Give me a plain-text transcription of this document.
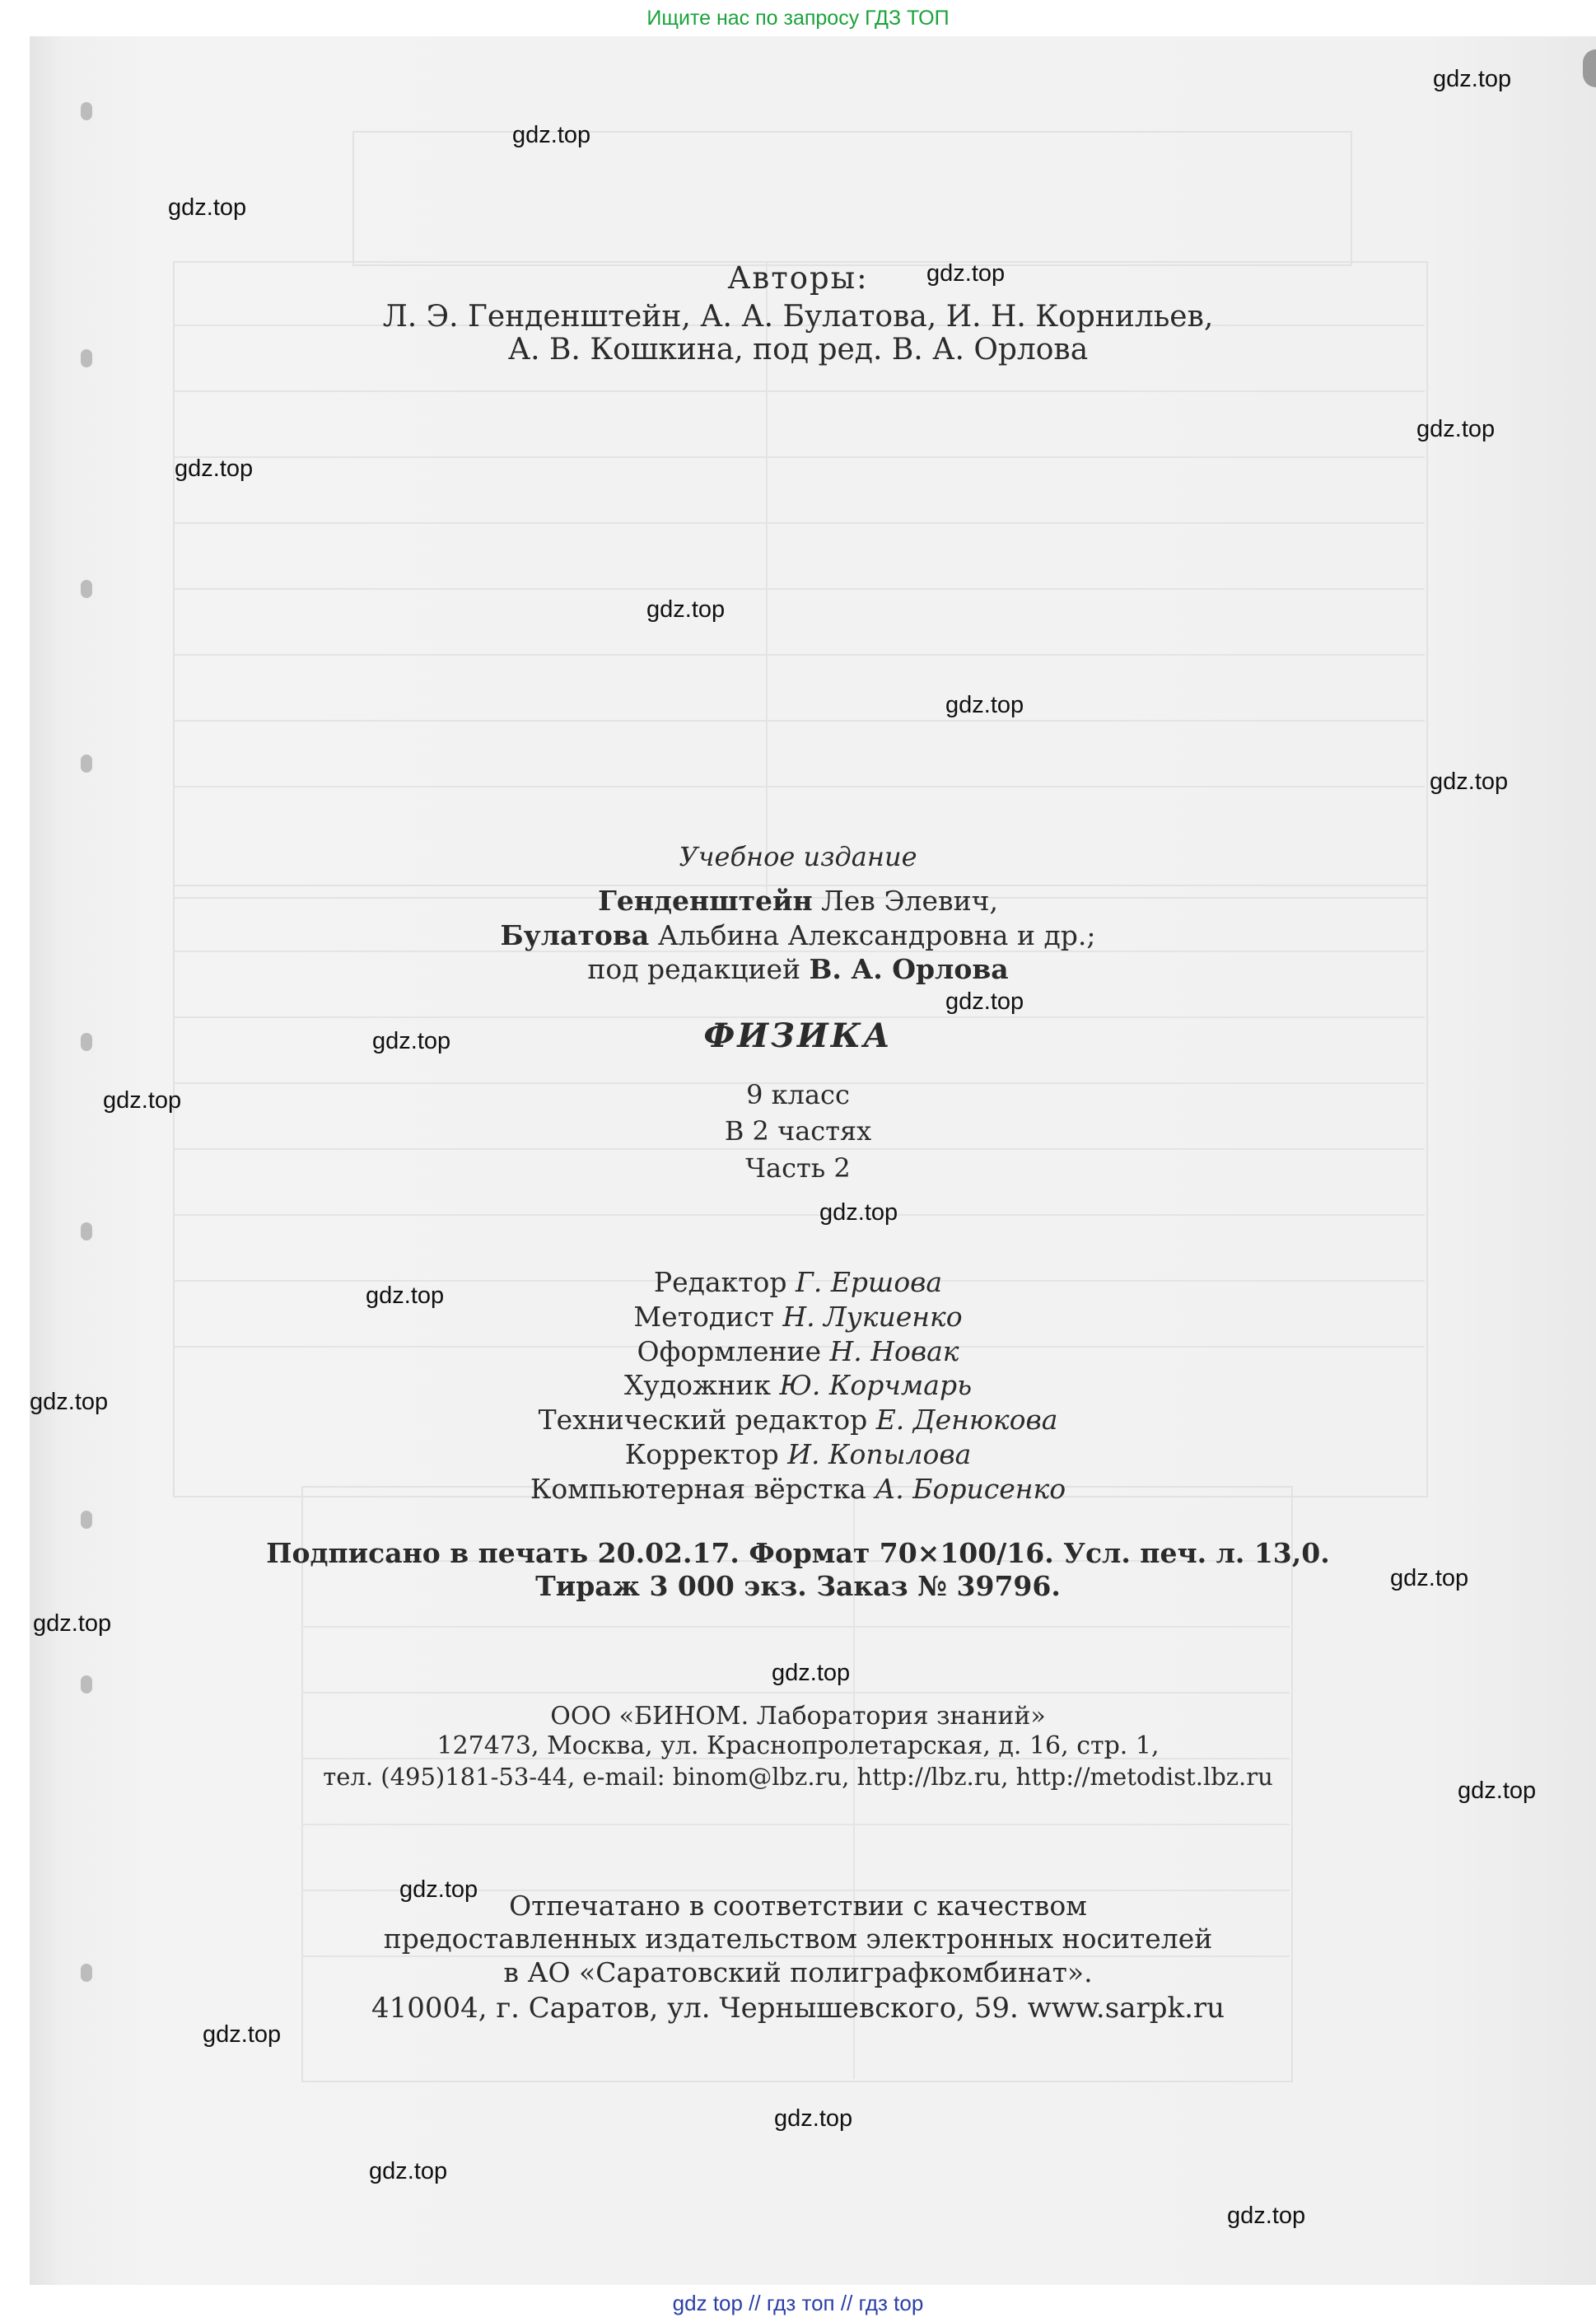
Ищите нас по запросу ГДЗ ТОП
Авторы:
Л. Э. Генденштейн, А. А. Булатова, И. Н. Корнильев,
А. В. Кошкина, под ред. В. А. Орлова
Учебное издание
Генденштейн Лев Элевич,
Булатова Альбина Александровна и др.;
под редакцией В. А. Орлова
ФИЗИКА
9 класс
В 2 частях
Часть 2
Редактор Г. Ершова
Методист Н. Лукиенко
Оформление Н. Новак
Художник Ю. Корчмарь
Технический редактор Е. Денюкова
Корректор И. Копылова
Компьютерная вёрстка А. Борисенко
Подписано в печать 20.02.17. Формат 70×100/16. Усл. печ. л. 13,0.
Тираж 3 000 экз. Заказ № 39796.
ООО «БИНОМ. Лаборатория знаний»
127473, Москва, ул. Краснопролетарская, д. 16, стр. 1,
тел. (495)181-53-44, e-mail: binom@lbz.ru, http://lbz.ru, http://metodist.lbz.ru
Отпечатано в соответствии с качеством
предоставленных издательством электронных носителей
в АО «Саратовский полиграфкомбинат».
410004, г. Саратов, ул. Чернышевского, 59. www.sarpk.ru
gdz.top
gdz.top
gdz.top
gdz.top
gdz.top
gdz.top
gdz.top
gdz.top
gdz.top
gdz.top
gdz.top
gdz.top
gdz.top
gdz.top
gdz.top
gdz.top
gdz.top
gdz.top
gdz.top
gdz.top
gdz.top
gdz.top
gdz.top
gdz.top
gdz top // гдз топ // гдз top
